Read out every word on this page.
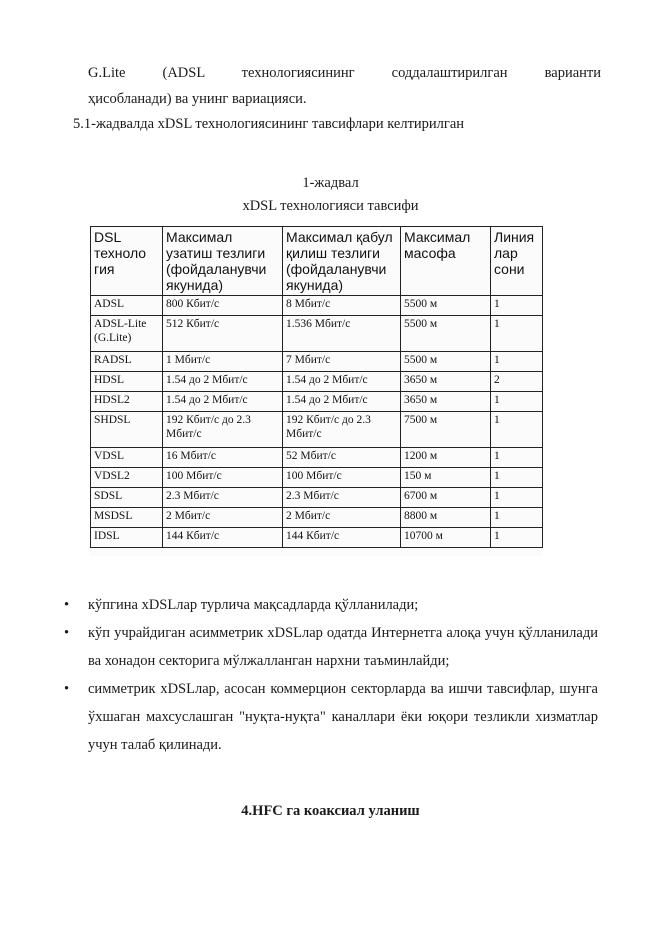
G.Lite (ADSL технологиясининг соддалаштирилган варианти
ҳисобланади) ва унинг вариацияси.
5.1-жадвалда xDSL технологиясининг тавсифлари келтирилган
1-жадвал
xDSL технологияси тавсифи
DSL техноло гия	Максимал узатиш тезлиги (фойдаланувчи якунида)	Максимал қабул қилиш тезлиги (фойдаланувчи якунида)	Максимал масофа	Линия лар сони
ADSL	800 Кбит/с	8 Мбит/с	5500 м	1
ADSL-Lite (G.Lite)	512 Кбит/с	1.536 Мбит/с	5500 м	1
RADSL	1 Мбит/с	7 Мбит/с	5500 м	1
HDSL	1.54 до 2 Мбит/с	1.54 до 2 Мбит/с	3650 м	2
HDSL2	1.54 до 2 Мбит/с	1.54 до 2 Мбит/с	3650 м	1
SHDSL	192 Кбит/с до 2.3 Мбит/с	192 Кбит/с до 2.3 Мбит/с	7500 м	1
VDSL	16 Мбит/с	52 Мбит/с	1200 м	1
VDSL2	100 Мбит/с	100 Мбит/с	150 м	1
SDSL	2.3 Мбит/с	2.3 Мбит/с	6700 м	1
MSDSL	2 Мбит/с	2 Мбит/с	8800 м	1
IDSL	144 Кбит/с	144 Кбит/с	10700 м	1
•	кўпгина xDSLлар турлича мақсадларда қўлланилади;
•	кўп учрайдиган асимметрик xDSLлар одатда Интернетга алоқа учун қўлланилади ва хонадон секторига мўлжалланган нархни таъминлайди;
•	симметрик xDSLлар, асосан коммерцион секторларда ва ишчи тавсифлар, шунга ўхшаган махсуслашган "нуқта-нуқта" каналлари ёки юқори тезликли хизматлар учун талаб қилинади.
4.HFC га коаксиал уланиш
